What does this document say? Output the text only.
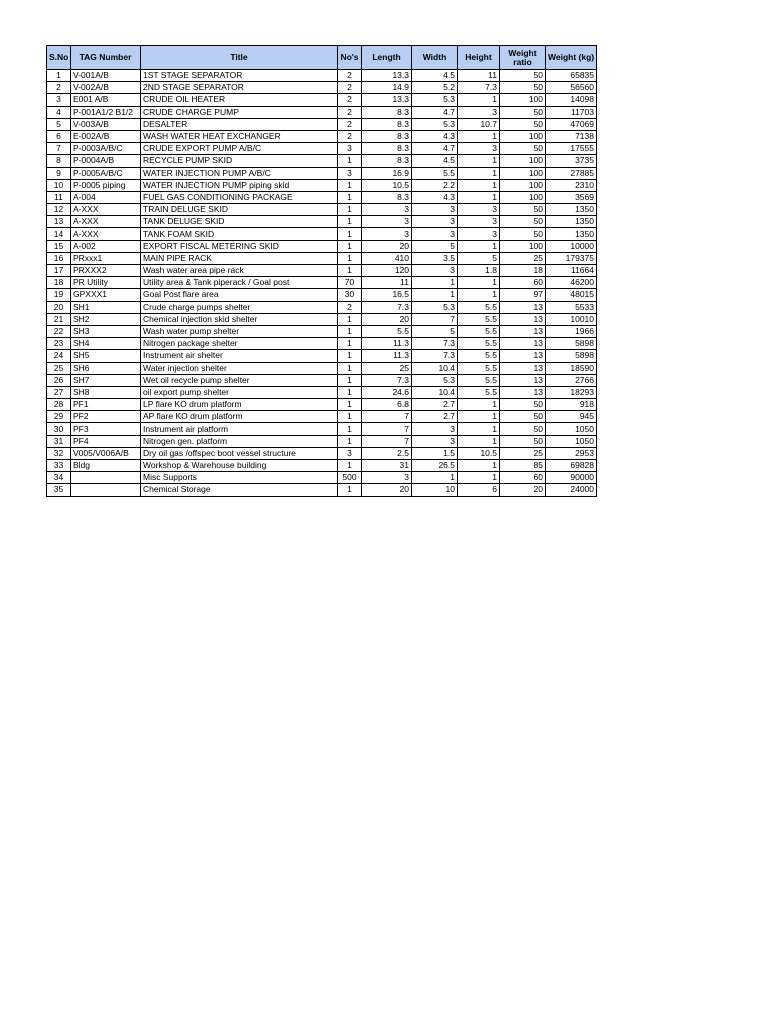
S.No	TAG Number	Title	No's	Length	Width	Height	Weight ratio	Weight (kg)
1	V-001A/B	1ST STAGE SEPARATOR	2	13.3	4.5	11	50	65835
2	V-002A/B	2ND STAGE SEPARATOR	2	14.9	5.2	7.3	50	56560
3	E001 A/B	CRUDE OIL HEATER	2	13.3	5.3	1	100	14098
4	P-001A1/2 B1/2	CRUDE CHARGE PUMP	2	8.3	4.7	3	50	11703
5	V-003A/B	DESALTER	2	8.3	5.3	10.7	50	47069
6	E-002A/B	WASH WATER HEAT EXCHANGER	2	8.3	4.3	1	100	7138
7	P-0003A/B/C	CRUDE EXPORT PUMP A/B/C	3	8.3	4.7	3	50	17555
8	P-0004A/B	RECYCLE PUMP SKID	1	8.3	4.5	1	100	3735
9	P-0005A/B/C	WATER INJECTION PUMP A/B/C	3	16.9	5.5	1	100	27885
10	P-0005 piping	WATER INJECTION PUMP piping skid	1	10.5	2.2	1	100	2310
11	A-004	FUEL GAS CONDITIONING PACKAGE	1	8.3	4.3	1	100	3569
12	A-XXX	TRAIN DELUGE SKID	1	3	3	3	50	1350
13	A-XXX	TANK DELUGE SKID	1	3	3	3	50	1350
14	A-XXX	TANK FOAM SKID	1	3	3	3	50	1350
15	A-002	EXPORT FISCAL METERING SKID	1	20	5	1	100	10000
16	PRxxx1	MAIN PIPE RACK	1	410	3.5	5	25	179375
17	PRXXX2	Wash water area pipe rack	1	120	3	1.8	18	11664
18	PR Utility	Utility area & Tank piperack / Goal post	70	11	1	1	60	46200
19	GPXXX1	Goal Post flare area	30	16.5	1	1	97	48015
20	SH1	Crude charge pumps shelter	2	7.3	5.3	5.5	13	5533
21	SH2	Chemical injection skid shelter	1	20	7	5.5	13	10010
22	SH3	Wash water pump shelter	1	5.5	5	5.5	13	1966
23	SH4	Nitrogen package shelter	1	11.3	7.3	5.5	13	5898
24	SH5	Instrument air shelter	1	11.3	7.3	5.5	13	5898
25	SH6	Water injection shelter	1	25	10.4	5.5	13	18590
26	SH7	Wet oil recycle pump shelter	1	7.3	5.3	5.5	13	2766
27	SH8	oil export pump shelter	1	24.6	10.4	5.5	13	18293
28	PF1	LP flare KO drum platform	1	6.8	2.7	1	50	918
29	PF2	AP flare KO drum platform	1	7	2.7	1	50	945
30	PF3	Instrument air platform	1	7	3	1	50	1050
31	PF4	Nitrogen gen. platform	1	7	3	1	50	1050
32	V005/V006A/B	Dry oil gas /offspec boot vessel structure	3	2.5	1.5	10.5	25	2953
33	Bldg	Workshop & Warehouse building	1	31	26.5	1	85	69828
34		Misc Supports	500	3	1	1	60	90000
35		Chemical Storage	1	20	10	6	20	24000
